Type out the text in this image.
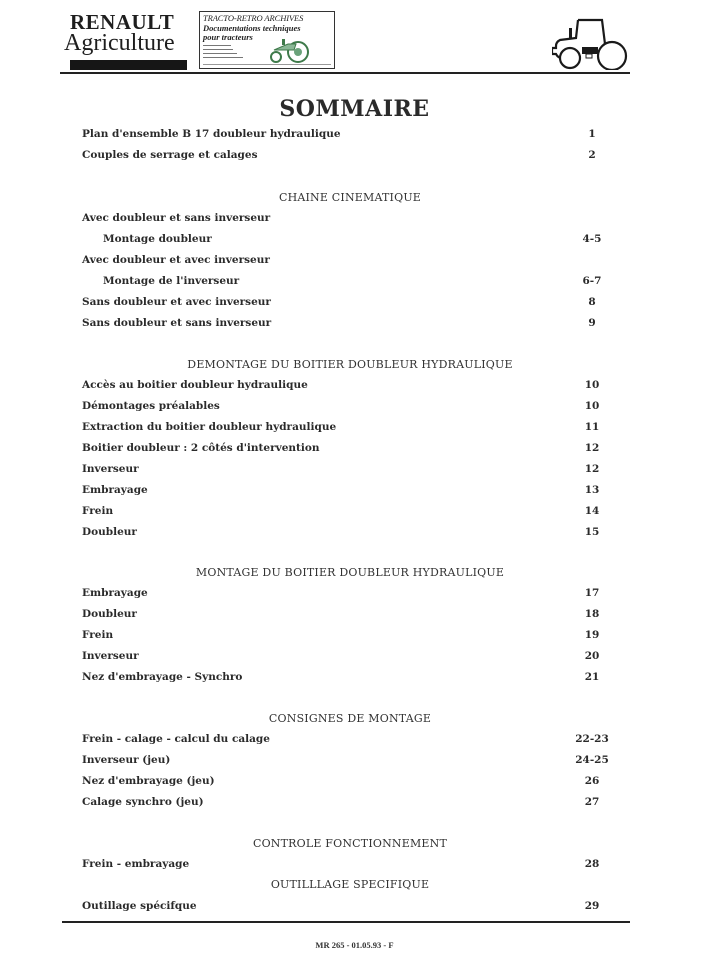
RENAULT
Agriculture
TRACTO-RETRO ARCHIVES
Documentations techniques
pour tracteurs
SOMMAIRE
Plan d'ensemble B 17 doubleur hydraulique	1
Couples de serrage et calages	2
CHAINE CINEMATIQUE
Avec doubleur et sans inverseur
Montage doubleur	4-5
Avec doubleur et avec inverseur
Montage de l'inverseur	6-7
Sans doubleur et avec inverseur	8
Sans doubleur et sans inverseur	9
DEMONTAGE DU BOITIER DOUBLEUR HYDRAULIQUE
Accès au boitier doubleur hydraulique	10
Démontages préalables	10
Extraction du boitier doubleur hydraulique	11
Boitier doubleur : 2 côtés d'intervention	12
Inverseur	12
Embrayage	13
Frein	14
Doubleur	15
MONTAGE DU BOITIER DOUBLEUR HYDRAULIQUE
Embrayage	17
Doubleur	18
Frein	19
Inverseur	20
Nez d'embrayage - Synchro	21
CONSIGNES DE MONTAGE
Frein - calage - calcul du calage	22-23
Inverseur (jeu)	24-25
Nez d'embrayage (jeu)	26
Calage synchro (jeu)	27
CONTROLE FONCTIONNEMENT
Frein - embrayage	28
OUTILLLAGE SPECIFIQUE
Outillage spécifque	29
MR 265 - 01.05.93 - F
